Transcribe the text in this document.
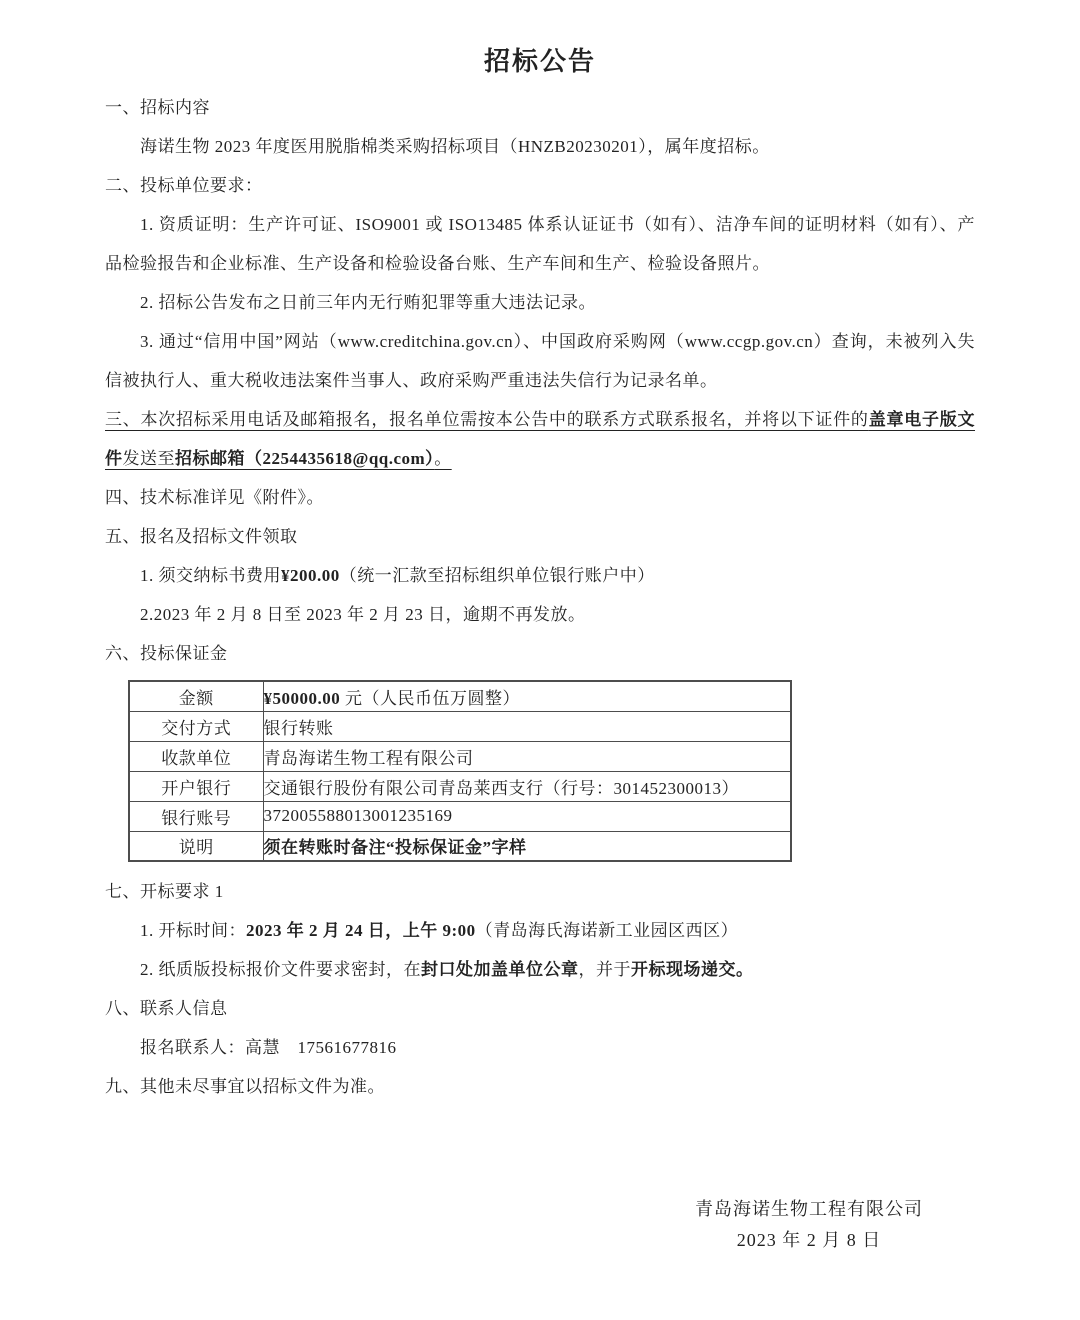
招标公告

一、招标内容

海诺生物 2023 年度医用脱脂棉类采购招标项目（HNZB20230201），属年度招标。

二、投标单位要求：

1. 资质证明：生产许可证、ISO9001 或 ISO13485 体系认证证书（如有）、洁净车间的证明材料（如有）、产品检验报告和企业标准、生产设备和检验设备台账、生产车间和生产、检验设备照片。

2. 招标公告发布之日前三年内无行贿犯罪等重大违法记录。

3. 通过“信用中国”网站（www.creditchina.gov.cn）、中国政府采购网（www.ccgp.gov.cn）查询，未被列入失信被执行人、重大税收违法案件当事人、政府采购严重违法失信行为记录名单。

三、本次招标采用电话及邮箱报名，报名单位需按本公告中的联系方式联系报名，并将以下证件的盖章电子版文件发送至招标邮箱（2254435618@qq.com）。

四、技术标准详见《附件》。

五、报名及招标文件领取

1. 须交纳标书费用¥200.00（统一汇款至招标组织单位银行账户中）

2.2023 年 2 月 8 日至 2023 年 2 月 23 日，逾期不再发放。

六、投标保证金

金额	¥50000.00 元（人民币伍万圆整）
交付方式	银行转账
收款单位	青岛海诺生物工程有限公司
开户银行	交通银行股份有限公司青岛莱西支行（行号：301452300013）
银行账号	372005588013001235169
说明	须在转账时备注“投标保证金”字样

七、开标要求 1

1. 开标时间：2023 年 2 月 24 日，上午 9:00（青岛海氏海诺新工业园区西区）

2. 纸质版投标报价文件要求密封，在封口处加盖单位公章，并于开标现场递交。

八、联系人信息

报名联系人：高慧　17561677816

九、其他未尽事宜以招标文件为准。

青岛海诺生物工程有限公司
2023 年 2 月 8 日
